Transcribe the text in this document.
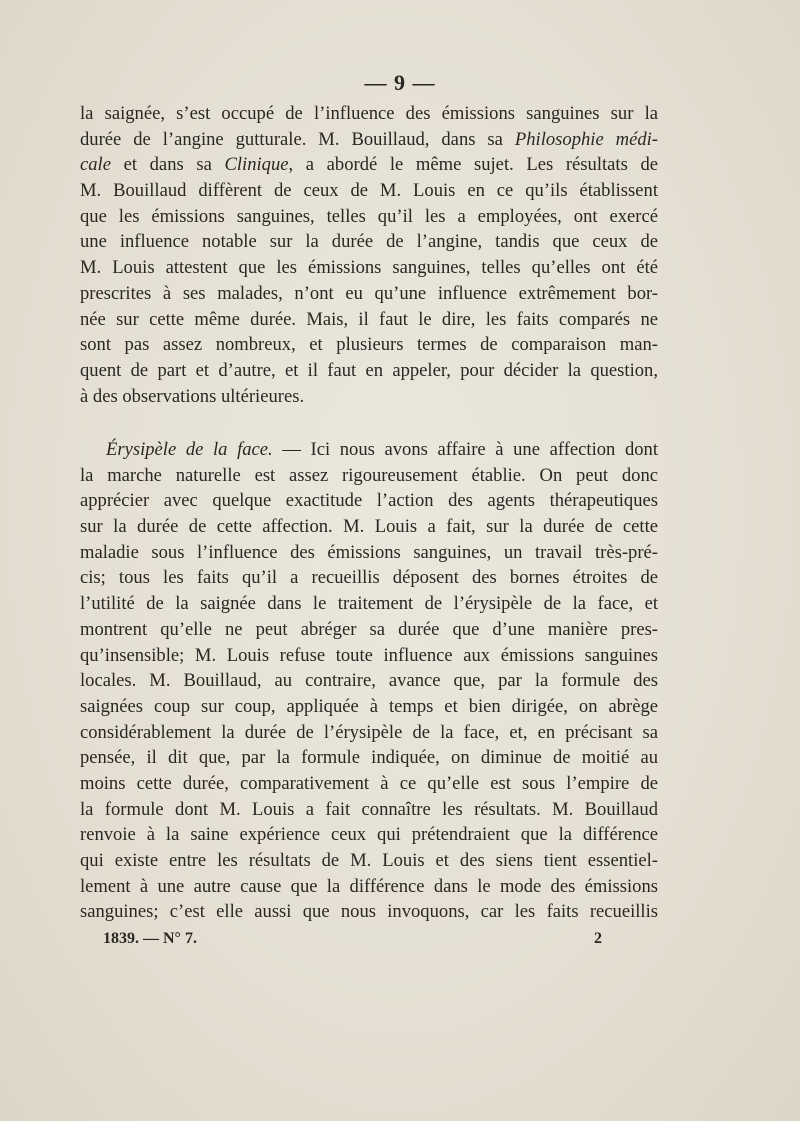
— 9 —
la saignée, s’est occupé de l’influence des émissions sanguines sur la
durée de l’angine gutturale. M. Bouillaud, dans sa Philosophie médi-
cale et dans sa Clinique, a abordé le même sujet. Les résultats de
M. Bouillaud diffèrent de ceux de M. Louis en ce qu’ils établissent
que les émissions sanguines, telles qu’il les a employées, ont exercé
une influence notable sur la durée de l’angine, tandis que ceux de
M. Louis attestent que les émissions sanguines, telles qu’elles ont été
prescrites à ses malades, n’ont eu qu’une influence extrêmement bor-
née sur cette même durée. Mais, il faut le dire, les faits comparés ne
sont pas assez nombreux, et plusieurs termes de comparaison man-
quent de part et d’autre, et il faut en appeler, pour décider la question,
à des observations ultérieures.
Érysipèle de la face. — Ici nous avons affaire à une affection dont
la marche naturelle est assez rigoureusement établie. On peut donc
apprécier avec quelque exactitude l’action des agents thérapeutiques
sur la durée de cette affection. M. Louis a fait, sur la durée de cette
maladie sous l’influence des émissions sanguines, un travail très-pré-
cis; tous les faits qu’il a recueillis déposent des bornes étroites de
l’utilité de la saignée dans le traitement de l’érysipèle de la face, et
montrent qu’elle ne peut abréger sa durée que d’une manière pres-
qu’insensible; M. Louis refuse toute influence aux émissions sanguines
locales. M. Bouillaud, au contraire, avance que, par la formule des
saignées coup sur coup, appliquée à temps et bien dirigée, on abrège
considérablement la durée de l’érysipèle de la face, et, en précisant sa
pensée, il dit que, par la formule indiquée, on diminue de moitié au
moins cette durée, comparativement à ce qu’elle est sous l’empire de
la formule dont M. Louis a fait connaître les résultats. M. Bouillaud
renvoie à la saine expérience ceux qui prétendraient que la différence
qui existe entre les résultats de M. Louis et des siens tient essentiel-
lement à une autre cause que la différence dans le mode des émissions
sanguines; c’est elle aussi que nous invoquons, car les faits recueillis
1839. — N° 7.	2
